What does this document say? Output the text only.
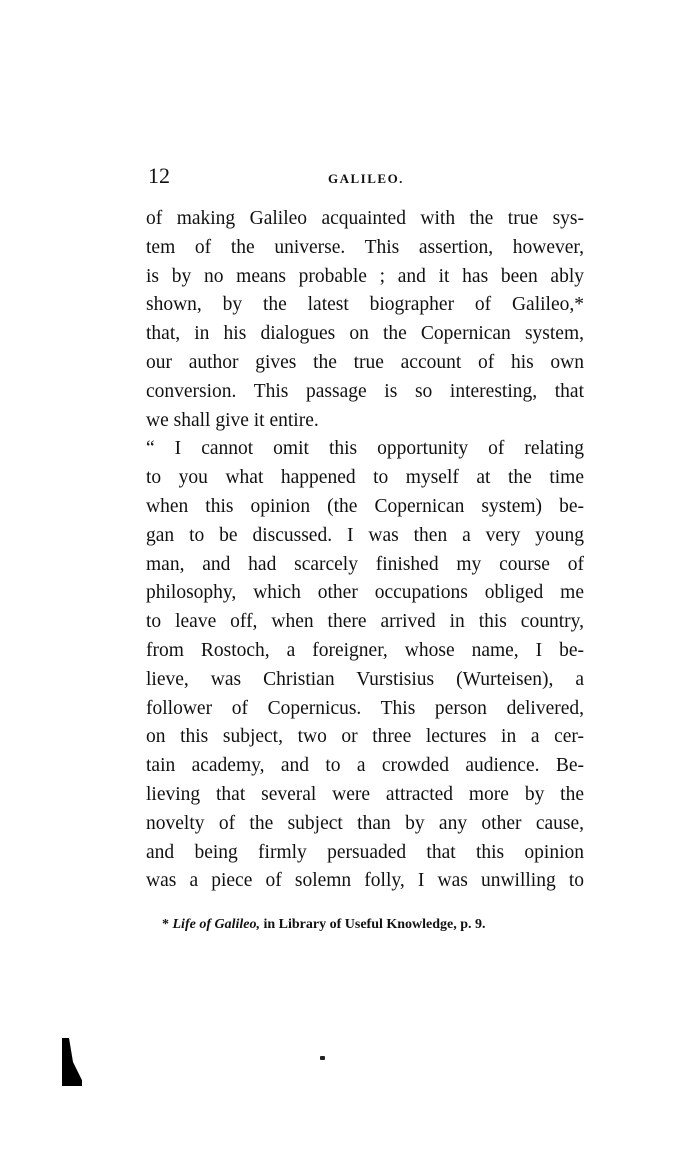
12	GALILEO.
of making Galileo acquainted with the true sys-
tem of the universe. This assertion, however,
is by no means probable ; and it has been ably
shown, by the latest biographer of Galileo,*
that, in his dialogues on the Copernican system,
our author gives the true account of his own
conversion. This passage is so interesting, that
we shall give it entire.
“ I cannot omit this opportunity of relating
to you what happened to myself at the time
when this opinion (the Copernican system) be-
gan to be discussed. I was then a very young
man, and had scarcely finished my course of
philosophy, which other occupations obliged me
to leave off, when there arrived in this country,
from Rostoch, a foreigner, whose name, I be-
lieve, was Christian Vurstisius (Wurteisen), a
follower of Copernicus. This person delivered,
on this subject, two or three lectures in a cer-
tain academy, and to a crowded audience. Be-
lieving that several were attracted more by the
novelty of the subject than by any other cause,
and being firmly persuaded that this opinion
was a piece of solemn folly, I was unwilling to
* Life of Galileo, in Library of Useful Knowledge, p. 9.
